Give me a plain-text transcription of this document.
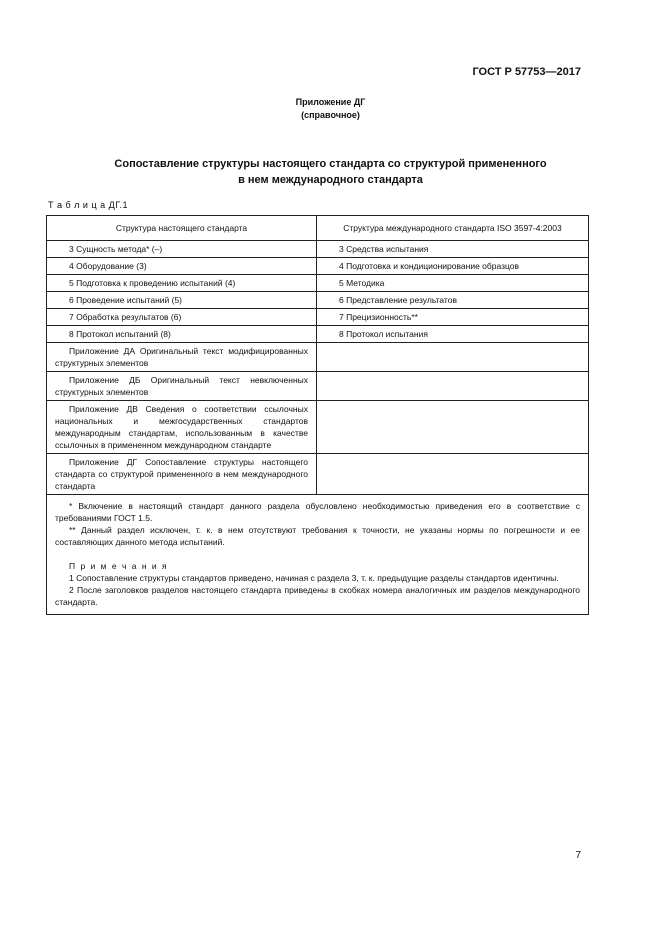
ГОСТ Р 57753—2017
Приложение ДГ
(справочное)
Сопоставление структуры настоящего стандарта со структурой примененного
в нем международного стандарта
Т а б л и ц а ДГ.1
Структура настоящего стандарта	Структура международного стандарта ISO 3597-4:2003
3 Сущность метода* (–)	3 Средства испытания
4 Оборудование (3)	4 Подготовка и кондиционирование образцов
5 Подготовка к проведению испытаний (4)	5 Методика
6 Проведение испытаний (5)	6 Представление результатов
7 Обработка результатов (6)	7 Прецизионность**
8 Протокол испытаний (8)	8 Протокол испытания
Приложение ДА Оригинальный текст модифицированных структурных элементов	
Приложение ДБ Оригинальный текст невключенных структурных элементов	
Приложение ДВ Сведения о соответствии ссылочных национальных и межгосударственных стандартов международным стандартам, использованным в качестве ссылочных в примененном международном стандарте	
Приложение ДГ Сопоставление структуры настоящего стандарта со структурой примененного в нем международного стандарта	

* Включение в настоящий стандарт данного раздела обусловлено необходимостью приведения его в соответствие с требованиями ГОСТ 1.5.

** Данный раздел исключен, т. к. в нем отсутствуют требования к точности, не указаны нормы по погрешности и ее составляющих данного метода испытаний.

П р и м е ч а н и я

1 Сопоставление структуры стандартов приведено, начиная с раздела 3, т. к. предыдущие разделы стандартов идентичны.

2 После заголовков разделов настоящего стандарта приведены в скобках номера аналогичных им разделов международного стандарта.	

7
